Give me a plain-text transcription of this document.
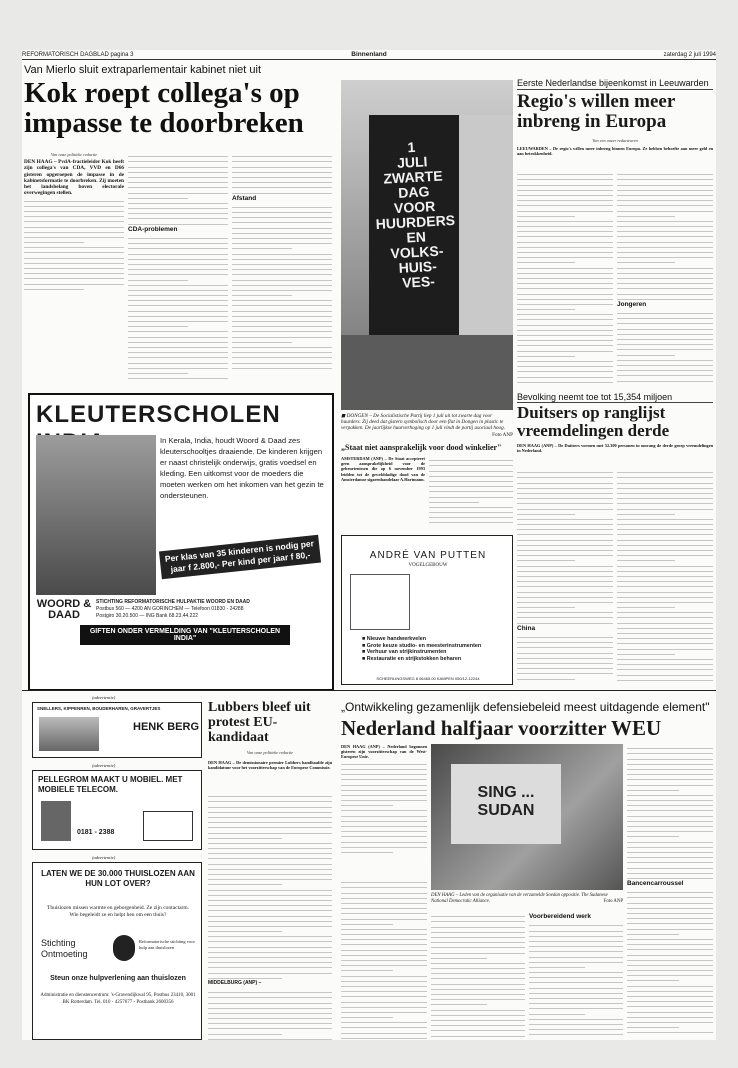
REFORMATORISCH DAGBLAD pagina 3	Binnenland	zaterdag 2 juli 1994
Van Mierlo sluit extraparlementair kabinet niet uit
Kok roept collega's op impasse te doorbreken
Van onze politieke redactie
DEN HAAG – PvdA-fractieleider Kok heeft zijn collega's van CDA, VVD en D66 gisteren opgeroepen de impasse in de kabinetsformatie te doorbreken. Zij moeten het landsbelang boven electorale overwegingen stellen.
CDA-problemen
Afstand
1
JULI
ZWARTE
DAG
VOOR
HUURDERS
EN
VOLKS-
HUIS-
VES-
◼ DONGEN – De Socialistische Partij liep 1 juli uit tot zwarte dag voor huurders. Zij deed dat gistern symbolisch door een flat in Dongen in plastic te verpakken. De jaarlijkse huurverhoging op 1 juli vindt de partij asociaal hoog.
Foto ANP
Eerste Nederlandse bijeenkomst in Leeuwarden
Regio's willen meer inbreng in Europa
Van een onzer redacteuren
LEEUWARDEN – De regio's willen meer inbreng binnen Europa. Ze hebben behoefte aan meer geld en aan betrokkenheid.
Jongeren
KLEUTERSCHOLEN
In Kerala, India, houdt Woord & Daad zes kleuterschooltjes draaiende. De kinderen krijgen er naast christelijk onderwijs, gratis voedsel en kleding. Een uitkomst voor de moeders die moeten werken om het inkomen van het gezin te ondersteunen.
Per klas van 35 kinderen is nodig per jaar f 2.800,- Per kind per jaar f 80,-
WOORD & DAAD
STICHTING REFORMATORISCHE HULPAKTIE WOORD EN DAAD
Postbus 560 — 4200 AN GORINCHEM — Telefoon 01830 - 24288
Postgiro 30.20.500 — ING Bank 68.23.44.222
GIFTEN ONDER VERMELDING VAN "KLEUTERSCHOLEN INDIA"
„Staat niet aansprakelijk voor dood winkelier"
AMSTERDAM (ANP) – De Staat accepteert geen aansprakelijkheid voor de gebeurtenissen die op 6 november 1993 leidden tot de gewelddadige dood van de Amsterdamse sigarenhandelaar A.Hartmann.
ANDRÉ VAN PUTTEN
VOGELGEBOUW
■ Nieuwe handwerkvelen
■ Grote keuze studio- en meesterinstrumenten
■ Verhuur van strijkinstrumenten
■ Restauratie en strijkstokken beharen
SCHEERLINGSWEG 8 06465.00 KAMPEN 050/12-12244
Bevolking neemt toe tot 15,354 miljoen
Duitsers op ranglijst vreemdelingen derde
DEN HAAG (ANP) – De Duitsers vormen met 52.300 personen in omvang de derde groep vreemdelingen in Nederland.
China
(advertentie)
SNELLERS, KIPPENREN, BOUDERHAREN, GRAVERTJES
HENK BERG
(advertentie)
PELLEGROM MAAKT U MOBIEL. MET MOBIELE TELECOM.
0181 - 2388
(advertentie)
LATEN WE DE 30.000 THUISLOZEN AAN HUN LOT OVER?
Thuislozen missen warmte en geborgenheid. Ze zijn contactarm. Wie begeleidt ze en helpt hen om een thuis?
Stichting Ontmoeting
Reformatorische stichting voor hulp aan thuislozen
Steun onze hulpverlening aan thuislozen
Administratie en dienstencentrum: 's-Gravendijkwal 95, Postbus 23410, 3001 BK Rotterdam. Tel. 010 - 4257677 - Postbank 2600356
Lubbers bleef uit protest EU-kandidaat
Van onze politieke redactie
DEN HAAG – De demissionaire premier Lubbers handhaafde zijn kandidatuur voor het voorzitterschap van de Europese Commissie.
MIDDELBURG (ANP) –
„Ontwikkeling gezamenlijk defensiebeleid meest uitdagende element"
Nederland halfjaar voorzitter WEU
DEN HAAG (ANP) – Nederland begonnen gisteren zijn voorzitterschap van de West-Europese Unie.
SING ... SUDAN
DEN HAAG – Leden van de organisatie van de verzamelde Soedan oppositie. The Sudanese National Democratic Alliance.	Foto ANP
Voorbereidend werk
Bancencarroussel
